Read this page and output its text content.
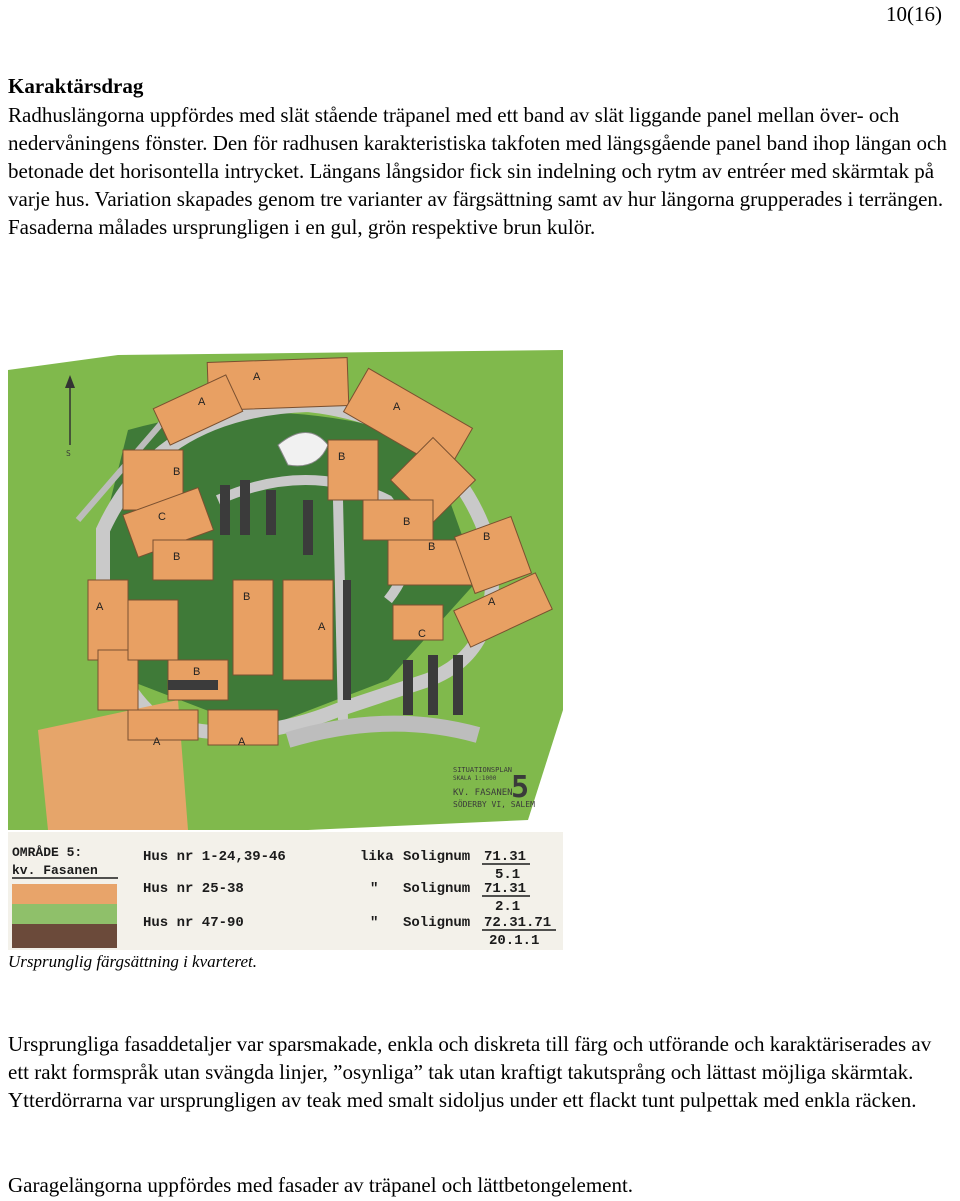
10(16)
Karaktärsdrag

Radhuslängorna uppfördes med slät stående träpanel med ett band av slät liggande panel mellan över- och nedervåningens fönster. Den för radhusen karakteristiska takfoten med längsgående panel band ihop längan och betonade det horisontella intrycket. Längans långsidor fick sin indelning och rytm av entréer med skärmtak på varje hus. Variation skapades genom tre varianter av färgsättning samt av hur längorna grupperades i terrängen. Fasaderna målades ursprungligen i en gul, grön respektive brun kulör.

A
A	A
B
B
C
B
A
B
A
B
B
B
A
C
B
A	A
S
SITUATIONSPLAN
SKALA 1:1000
KV. FASANEN
SÖDERBY VI, SALEM
5
OMRÅDE 5:
kv. Fasanen
Hus nr 1-24,39-46	lika Solignum 71.31
5.1
Hus nr 25-38	" Solignum 71.31
2.1
Hus nr 47-90	" Solignum 72.31.71
20.1.1
Ursprunglig färgsättning i kvarteret.

Ursprungliga fasaddetaljer var sparsmakade, enkla och diskreta till färg och utförande och karaktäriserades av ett rakt formspråk utan svängda linjer, ”osynliga” tak utan kraftigt takutsprång och lättast möjliga skärmtak. Ytterdörrarna var ursprungligen av teak med smalt sidoljus under ett flackt tunt pulpettak med enkla räcken.

Garagelängorna uppfördes med fasader av träpanel och lättbetongelement.
